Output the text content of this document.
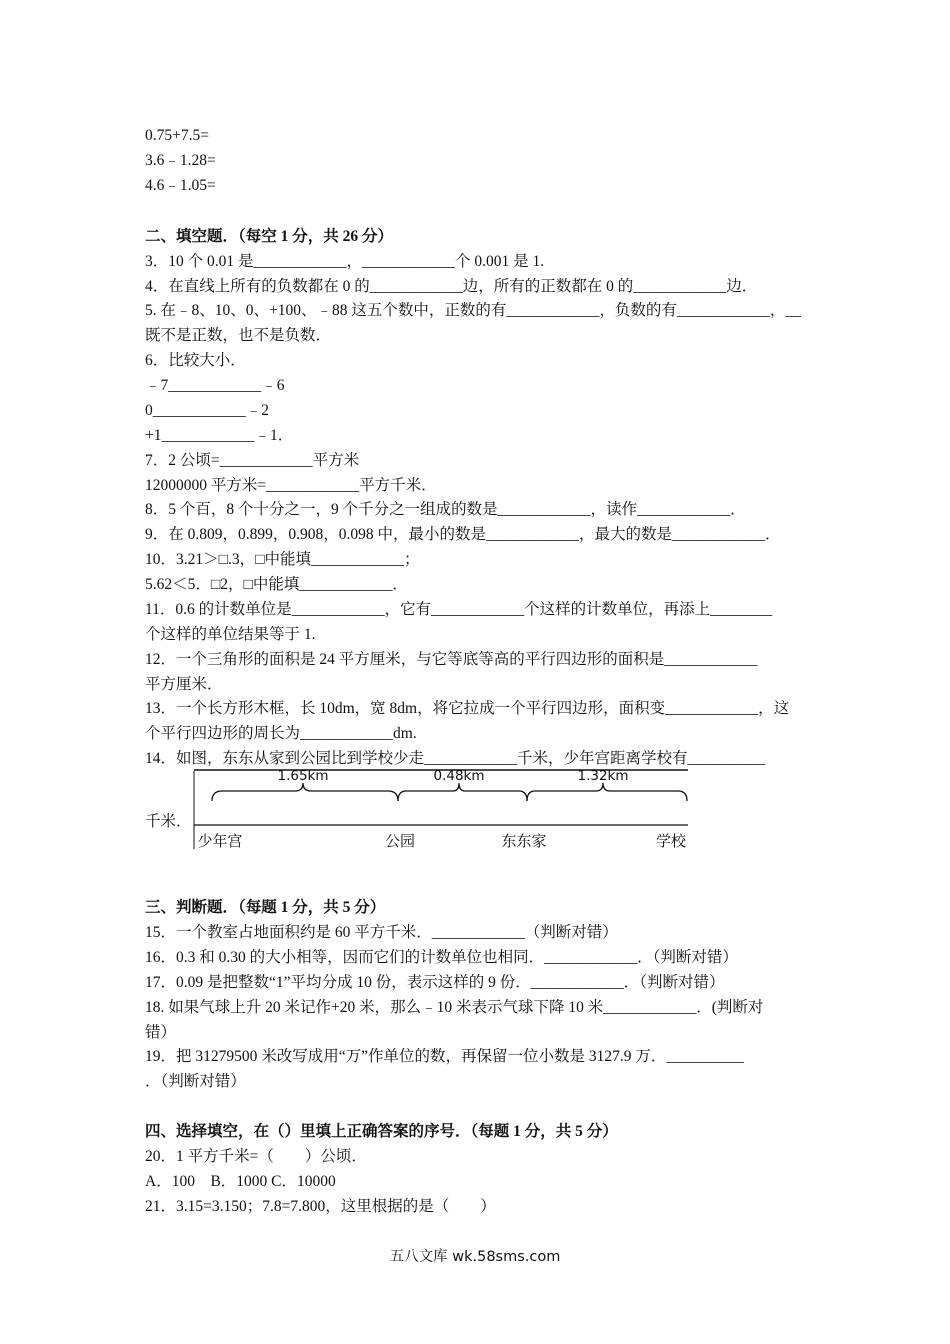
0.75+7.5=
3.6﹣1.28=
4.6﹣1.05=
二、填空题．（每空 1 分，共 26 分）
3．10 个 0.01 是____________，____________个 0.001 是 1.
4．在直线上所有的负数都在 0 的____________边，所有的正数都在 0 的____________边．
5. 在﹣8、10、0、+100、﹣88 这五个数中，正数的有____________，负数的有____________，__
既不是正数，也不是负数．
6．比较大小．
﹣7____________﹣6
0____________﹣2
+1____________﹣1．
7．2 公顷=____________平方米
12000000 平方米=____________平方千米．
8．5 个百，8 个十分之一，9 个千分之一组成的数是____________，读作____________．
9．在 0.809，0.899，0.908，0.098 中，最小的数是____________，最大的数是____________．
10．3.21＞□.3，□中能填____________；
5.62＜5．□2，□中能填____________．
11．0.6 的计数单位是____________，它有____________个这样的计数单位，再添上________
个这样的单位结果等于 1.
12．一个三角形的面积是 24 平方厘米，与它等底等高的平行四边形的面积是____________
平方厘米．
13．一个长方形木框，长 10dm，宽 8dm，将它拉成一个平行四边形，面积变____________，这
个平行四边形的周长为____________dm.
14．如图，东东从家到公园比到学校少走____________千米，少年宫距离学校有__________
千米．
1.65km	0.48km	1.32km
少年宫	公园	东东家	学校
三、判断题．（每题 1 分，共 5 分）
15．一个教室占地面积约是 60 平方千米．____________（判断对错）
16．0.3 和 0.30 的大小相等，因而它们的计数单位也相同．____________．（判断对错）
17．0.09 是把整数“1”平均分成 10 份，表示这样的 9 份．____________．（判断对错）
18. 如果气球上升 20 米记作+20 米，那么﹣10 米表示气球下降 10 米____________．(判断对
错）
19．把 31279500 米改写成用“万”作单位的数，再保留一位小数是 3127.9 万．__________
．（判断对错）
四、选择填空，在（）里填上正确答案的序号．（每题 1 分，共 5 分）
20．1 平方千米=（　　）公顷．
A．100　B．1000 C．10000
21．3.15=3.150；7.8=7.800，这里根据的是（　　）
五八文库 wk.58sms.com
